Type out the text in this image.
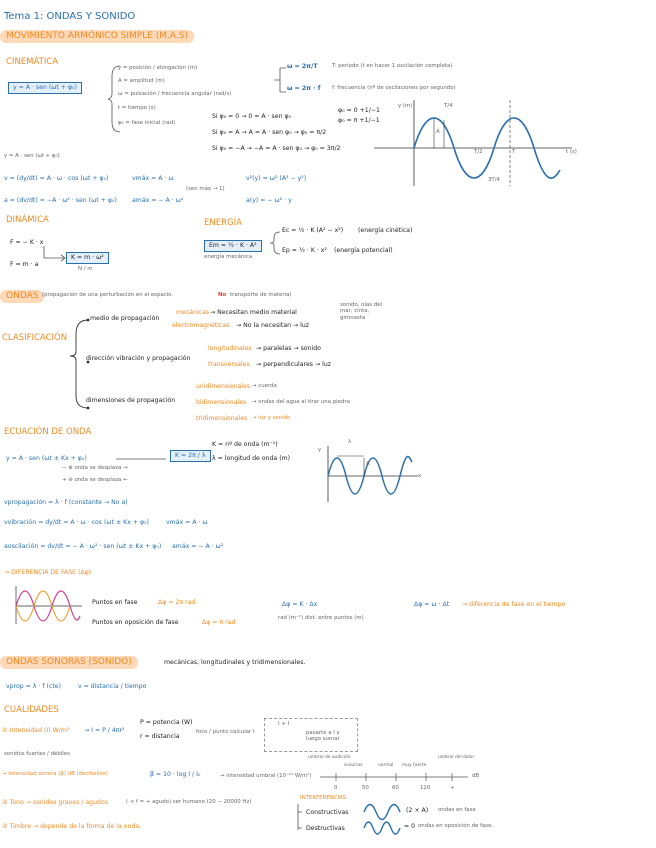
Tema 1: ONDAS Y SONIDO
MOVIMIENTO ARMÓNICO SIMPLE (M.A.S)
CINEMÁTICA
y = A · sen (ωt + φ₀)
y = posición / elongación (m)
A = amplitud (m)
ω = pulsación / frecuencia angular (rad/s)
t = tiempo (s)
φ₀ = fase inicial (rad)
ω = 2π/T
ω = 2π · f
T: periodo (t en hacer 1 oscilación completa)
f: frecuencia (nº de oscilaciones por segundo)
Si φ₀ = 0 → 0 = A · sen φ₀
Si φ₀ = A → A = A · sen φ₀ → φ₀ = π/2
Si φ₀ = −A → −A = A · sen φ₀ → φ₀ = 3π/2
φ₀ = 0 +1/−1
φ₀ = π +1/−1
y (m)
t (s)
T/4
A
T
T/2
3T/4
y = A · sen (ωt + φ₀)
v = (dy/dt) = A · ω · cos (ωt + φ₀)
a = (dv/dt) = −A · ω² · sen (ωt + φ₀)
vmáx = A · ω
amáx = − A · ω²
(sen máx → 1)
v²(y) = ω² (A² − y²)
a(y) = − ω² · y
DINÁMICA
F = − K · x
F = m · a
K = m · ω²
N / m
ENERGÍA
Em = ½ · K · A²
energía mecánica
Ec = ½ · K (A² − x²) (energía cinética)
Ep = ½ · K · x² (energía potencial)
ONDAS (propagación de una perturbación en el espacio.	No transporte de materia)
CLASIFICACIÓN
medio de propagación
mecánicas → Necesitan medio material
sonido, olas del mar, cinta, gimnasta
electromagnéticas → No la necesitan → luz
dirección vibración y propagación
longitudinales → paralelas → sonido
transversales → perpendiculares → luz
dimensiones de propagación
unidimensionales → cuerda
bidimensionales → ondas del agua al tirar una piedra
tridimensionales → luz y sonido
ECUACIÓN DE ONDA
y = A · sen (ωt ± Kx + φ₀)
− ⊕ onda se desplaza →
+ ⊖ onda se desplaza ←
K = 2π / λ
K = nº de onda (m⁻¹)
λ = longitud de onda (m)
y
x
λ
A
vpropagación = λ · f (constante → No a)
vvibración = dy/dt = A · ω · cos (ωt ± Kx + φ₀)	vmáx = A · ω
aoscilación = dv/dt = − A · ω² · sen (ωt ± Kx + φ₀) amáx = − A · ω²
→ DIFERENCIA DE FASE (Δφ)
Puntos en fase	Δφ = 2π rad
Puntos en oposición de fase	Δφ = π rad
Δφ = K · Δx
rad (m⁻¹) dist. entre puntos (m)
Δφ = ω · Δt → diferencia de fase en el tiempo
ONDAS SONORAS (SONIDO)	mecánicas, longitudinales y tridimensionales.
vprop = λ · f (cte)	v = distancia / tiempo
CUALIDADES
① Intensidad (I) W/m² → I = P / 4πr²
P = potencia (W)
r = distancia
foco / punto calcular I
I + I
pasarte a I y luego sumar
sonidos fuertes / débiles
→ Intensidad sonora (β) dB (decibelios)	β = 10 · log I / I₀	→ intensidad umbral (10⁻¹² W/m²)
umbral de audición
susurros	normal muy fuerte
umbral del dolor
0	50	60	120	+
dB
② Tono → sonidos graves / agudos	( < f = + agudo) ser humano (20 − 20000 Hz)
③ Timbre → depende de la forma de la onda.
INTERFERENCIAS
Constructivas	(2 × A) ondas en fase
Destructivas	= 0 ondas en oposición de fase.
